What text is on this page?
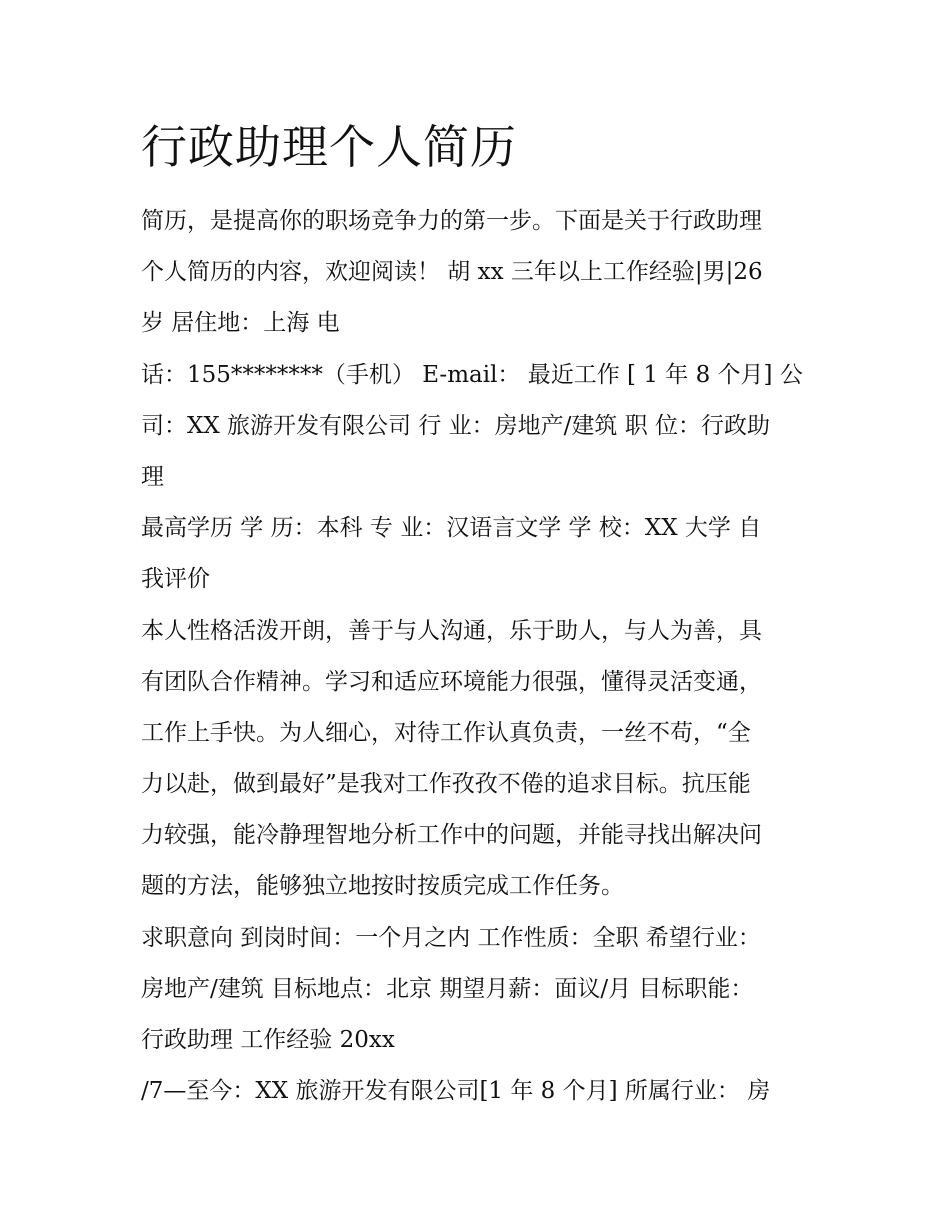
行政助理个人简历
简历，是提高你的职场竞争力的第一步。下面是关于行政助理
个人简历的内容，欢迎阅读！ 胡 xx 三年以上工作经验|男|26
岁 居住地：上海 电
话：155********（手机） E-mail： 最近工作 [ 1 年 8 个月] 公
司：XX 旅游开发有限公司 行 业：房地产/建筑 职 位：行政助
理
最高学历 学 历：本科 专 业：汉语言文学 学 校：XX 大学 自
我评价
本人性格活泼开朗，善于与人沟通，乐于助人，与人为善，具
有团队合作精神。学习和适应环境能力很强，懂得灵活变通，
工作上手快。为人细心，对待工作认真负责，一丝不苟，“全
力以赴，做到最好”是我对工作孜孜不倦的追求目标。抗压能
力较强，能冷静理智地分析工作中的问题，并能寻找出解决问
题的方法，能够独立地按时按质完成工作任务。
求职意向 到岗时间：一个月之内 工作性质：全职 希望行业：
房地产/建筑 目标地点：北京 期望月薪：面议/月 目标职能：
行政助理 工作经验 20xx
/7—至今：XX 旅游开发有限公司[1 年 8 个月] 所属行业： 房
